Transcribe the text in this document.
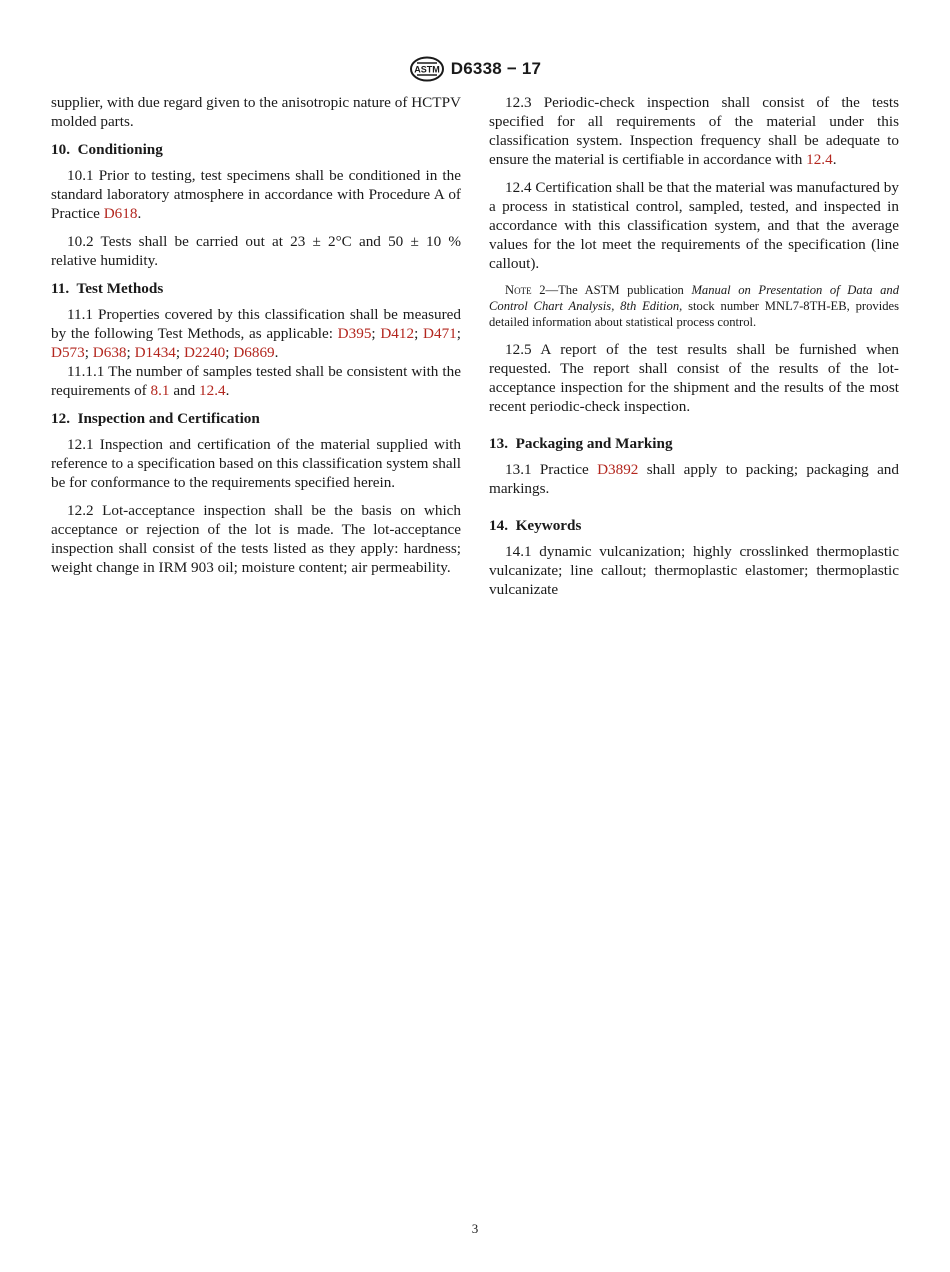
ASTM D6338 − 17

supplier, with due regard given to the anisotropic nature of HCTPV molded parts.

10. Conditioning

10.1 Prior to testing, test specimens shall be conditioned in the standard laboratory atmosphere in accordance with Procedure A of Practice D618.

10.2 Tests shall be carried out at 23 ± 2°C and 50 ± 10 % relative humidity.

11. Test Methods

11.1 Properties covered by this classification shall be measured by the following Test Methods, as applicable: D395; D412; D471; D573; D638; D1434; D2240; D6869.

11.1.1 The number of samples tested shall be consistent with the requirements of 8.1 and 12.4.

12. Inspection and Certification

12.1 Inspection and certification of the material supplied with reference to a specification based on this classification system shall be for conformance to the requirements specified herein.

12.2 Lot-acceptance inspection shall be the basis on which acceptance or rejection of the lot is made. The lot-acceptance inspection shall consist of the tests listed as they apply: hardness; weight change in IRM 903 oil; moisture content; air permeability.

12.3 Periodic-check inspection shall consist of the tests specified for all requirements of the material under this classification system. Inspection frequency shall be adequate to ensure the material is certifiable in accordance with 12.4.

12.4 Certification shall be that the material was manufactured by a process in statistical control, sampled, tested, and inspected in accordance with this classification system, and that the average values for the lot meet the requirements of the specification (line callout).

Note 2—The ASTM publication Manual on Presentation of Data and Control Chart Analysis, 8th Edition, stock number MNL7-8TH-EB, provides detailed information about statistical process control.

12.5 A report of the test results shall be furnished when requested. The report shall consist of the results of the lot-acceptance inspection for the shipment and the results of the most recent periodic-check inspection.

13. Packaging and Marking

13.1 Practice D3892 shall apply to packing; packaging and markings.

14. Keywords

14.1 dynamic vulcanization; highly crosslinked thermoplastic vulcanizate; line callout; thermoplastic elastomer; thermoplastic vulcanizate

3
